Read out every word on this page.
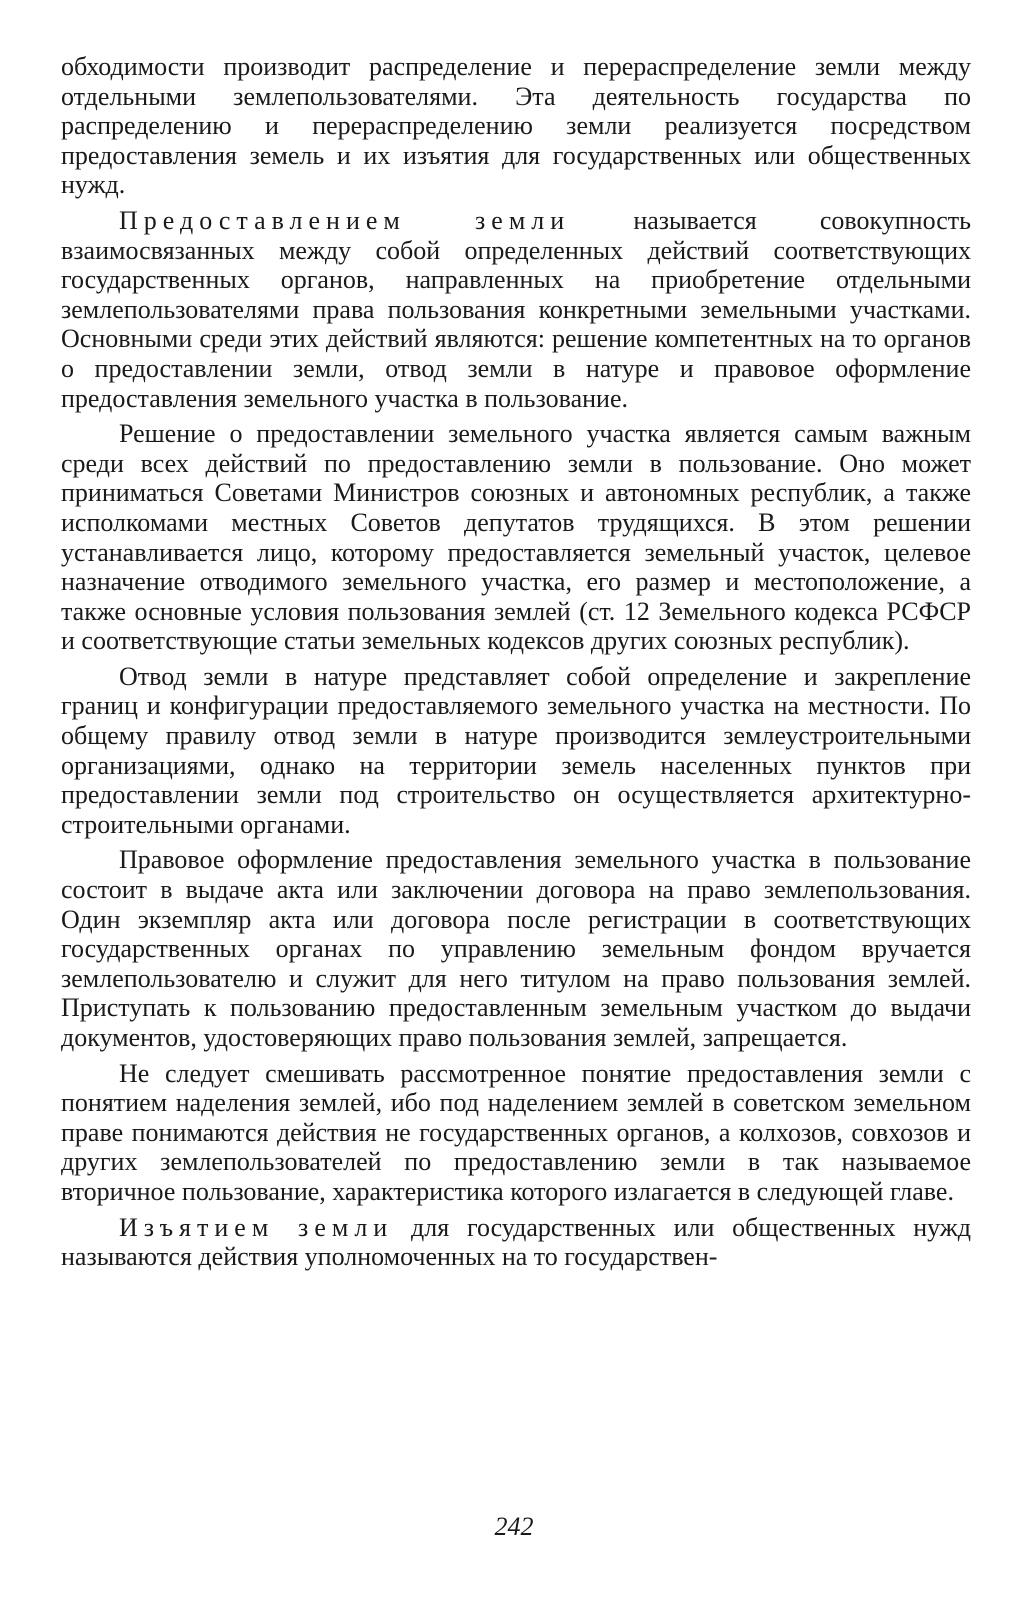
обходимости производит распределение и перераспределение земли между отдельными землепользователями. Эта деятельность государства по распределению и перераспределению земли реализуется посредством предоставления земель и их изъятия для государственных или общественных нужд.

Предоставлением земли называется совокупность взаимосвязанных между собой определенных действий соответствующих государственных органов, направленных на приобретение отдельными землепользователями права пользования конкретными земельными участками. Основными среди этих действий являются: решение компетентных на то органов о предоставлении земли, отвод земли в натуре и правовое оформление предоставления земельного участка в пользование.

Решение о предоставлении земельного участка является самым важным среди всех действий по предоставлению земли в пользование. Оно может приниматься Советами Министров союзных и автономных республик, а также исполкомами местных Советов депутатов трудящихся. В этом решении устанавливается лицо, которому предоставляется земельный участок, целевое назначение отводимого земельного участка, его размер и местоположение, а также основные условия пользования землей (ст. 12 Земельного кодекса РСФСР и соответствующие статьи земельных кодексов других союзных республик).

Отвод земли в натуре представляет собой определение и закрепление границ и конфигурации предоставляемого земельного участка на местности. По общему правилу отвод земли в натуре производится землеустроительными организациями, однако на территории земель населенных пунктов при предоставлении земли под строительство он осуществляется архитектурно-строительными органами.

Правовое оформление предоставления земельного участка в пользование состоит в выдаче акта или заключении договора на право землепользования. Один экземпляр акта или договора после регистрации в соответствующих государственных органах по управлению земельным фондом вручается землепользователю и служит для него титулом на право пользования землей. Приступать к пользованию предоставленным земельным участком до выдачи документов, удостоверяющих право пользования землей, запрещается.

Не следует смешивать рассмотренное понятие предоставления земли с понятием наделения землей, ибо под наделением землей в советском земельном праве понимаются действия не государственных органов, а колхозов, совхозов и других землепользователей по предоставлению земли в так называемое вторичное пользование, характеристика которого излагается в следующей главе.

Изъятием земли для государственных или общественных нужд называются действия уполномоченных на то государствен-

242
